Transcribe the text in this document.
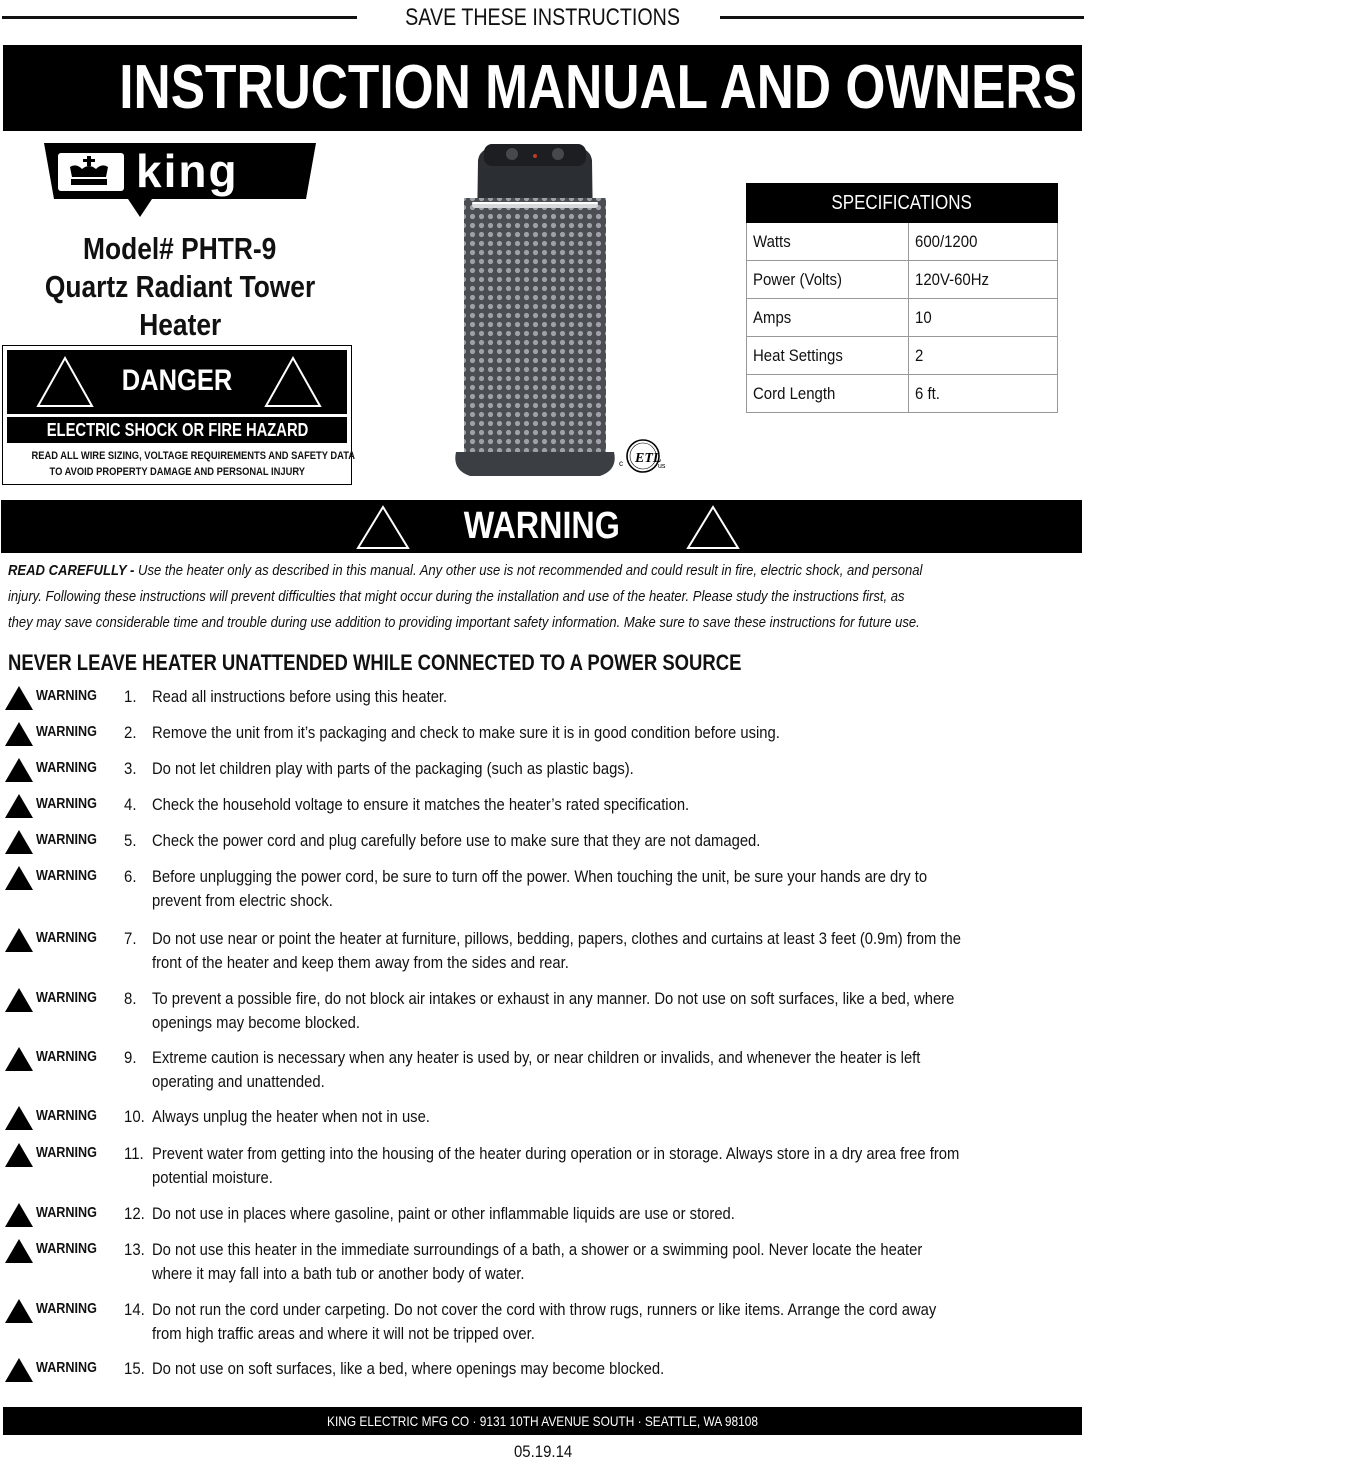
SAVE THESE INSTRUCTIONS
INSTRUCTION MANUAL AND OWNERS GUIDE
king
Model# PHTR-9
Quartz Radiant Tower
Heater
DANGER
ELECTRIC SHOCK OR FIRE HAZARD
READ ALL WIRE SIZING, VOLTAGE REQUIREMENTS AND SAFETY DATA
TO AVOID PROPERTY DAMAGE AND PERSONAL INJURY
ETL
c	us
SPECIFICATIONS	
Watts	600/1200
Power (Volts)	120V-60Hz
Amps	10
Heat Settings	2
Cord Length	6 ft.
WARNING
READ CAREFULLY - Use the heater only as described in this manual. Any other use is not recommended and could result in fire, electric shock, and personal
injury. Following these instructions will prevent difficulties that might occur during the installation and use of the heater. Please study the instructions first, as
they may save considerable time and trouble during use addition to providing important safety information. Make sure to save these instructions for future use.
NEVER LEAVE HEATER UNATTENDED WHILE CONNECTED TO A POWER SOURCE
WARNING	1. Read all instructions before using this heater.
WARNING	2. Remove the unit from it’s packaging and check to make sure it is in good condition before using.
WARNING	3. Do not let children play with parts of the packaging (such as plastic bags).
WARNING	4. Check the household voltage to ensure it matches the heater’s rated specification.
WARNING	5. Check the power cord and plug carefully before use to make sure that they are not damaged.
WARNING	6. Before unplugging the power cord, be sure to turn off the power. When touching the unit, be sure your hands are dry to
prevent from electric shock.
WARNING	7. Do not use near or point the heater at furniture, pillows, bedding, papers, clothes and curtains at least 3 feet (0.9m) from the
front of the heater and keep them away from the sides and rear.
WARNING	8. To prevent a possible fire, do not block air intakes or exhaust in any manner. Do not use on soft surfaces, like a bed, where
openings may become blocked.
WARNING	9. Extreme caution is necessary when any heater is used by, or near children or invalids, and whenever the heater is left
operating and unattended.
WARNING	10. Always unplug the heater when not in use.
WARNING	11. Prevent water from getting into the housing of the heater during operation or in storage. Always store in a dry area free from
potential moisture.
WARNING	12. Do not use in places where gasoline, paint or other inflammable liquids are use or stored.
WARNING	13. Do not use this heater in the immediate surroundings of a bath, a shower or a swimming pool. Never locate the heater
where it may fall into a bath tub or another body of water.
WARNING	14. Do not run the cord under carpeting. Do not cover the cord with throw rugs, runners or like items. Arrange the cord away
from high traffic areas and where it will not be tripped over.
WARNING	15. Do not use on soft surfaces, like a bed, where openings may become blocked.
KING ELECTRIC MFG CO · 9131 10TH AVENUE SOUTH · SEATTLE, WA 98108
05.19.14
